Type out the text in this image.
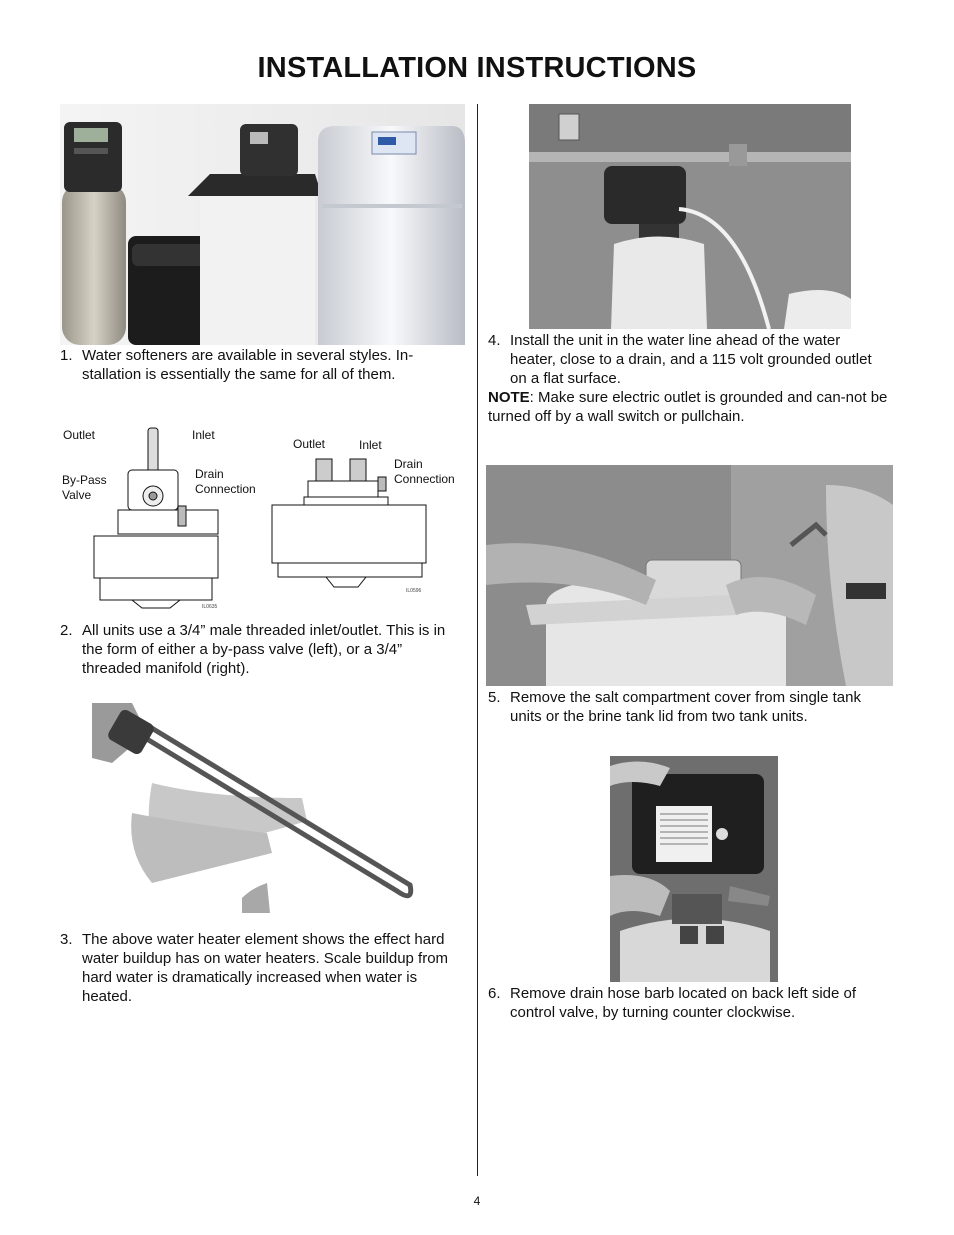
INSTALLATION INSTRUCTIONS
1. Water softeners are available in several styles. In-stallation is essentially the same for all of them.
Outlet	Inlet
By-Pass
Valve
Drain
Connection
IL0635
Outlet	Inlet
Drain
Connection
IL0596
2. All units use a 3/4” male threaded inlet/outlet. This is in the form of either a by-pass valve (left), or a 3/4” threaded manifold (right).
3. The above water heater element shows the effect hard water buildup has on water heaters. Scale buildup from hard water is dramatically increased when water is heated.
4. Install the unit in the water line ahead of the water heater, close to a drain, and a 115 volt grounded outlet on a flat surface.
NOTE: Make sure electric outlet is grounded and can-not be turned off by a wall switch or pullchain.
5. Remove the salt compartment cover from single tank units or the brine tank lid from two tank units.
6. Remove drain hose barb located on back left side of control valve, by turning counter clockwise.
4
